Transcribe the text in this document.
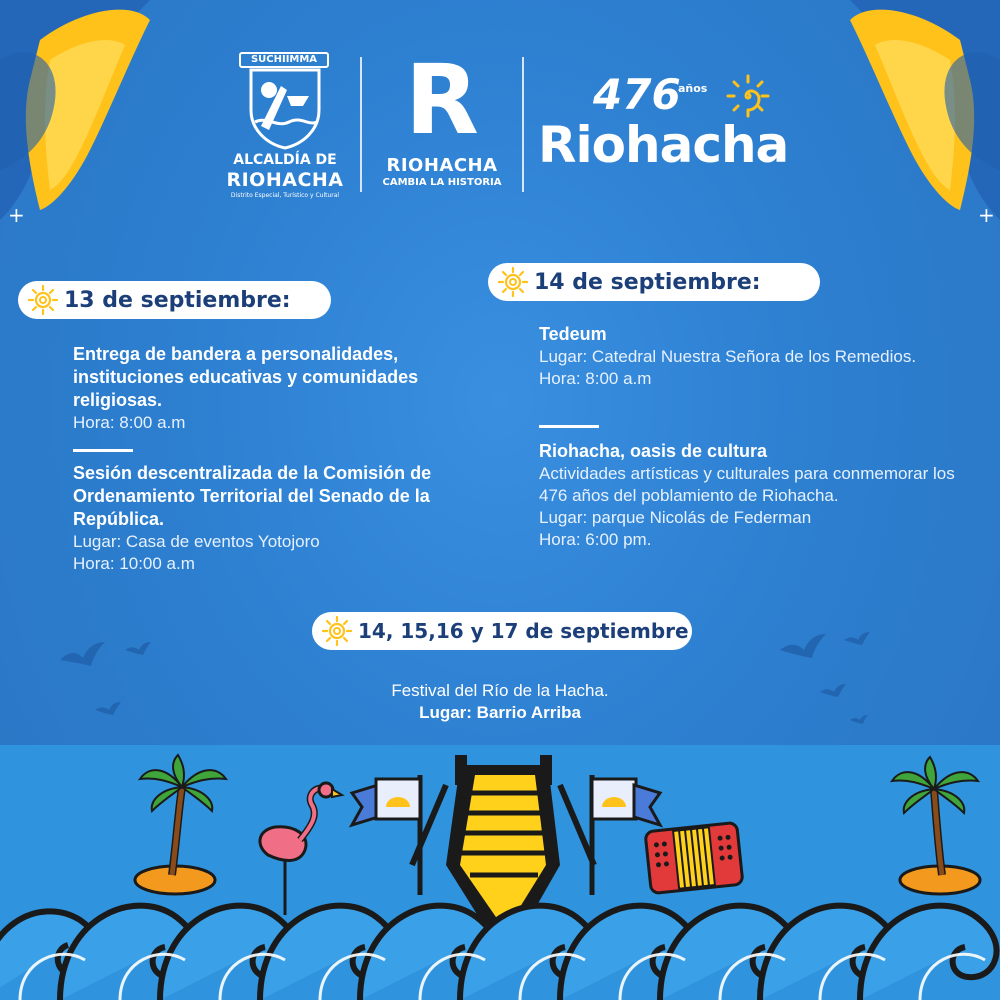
+	+
SÜCHIIMMA
ALCALDÍA DE
RIOHACHA
Distrito Especial, Turístico y Cultural
R
RIOHACHA
CAMBIA LA HISTORIA
476
años
Riohacha
13 de septiembre:
Entrega de bandera a personalidades, instituciones educativas y comunidades religiosas.
Hora: 8:00 a.m
Sesión descentralizada de la Comisión de Ordenamiento Territorial del Senado de la República.
Lugar: Casa de eventos Yotojoro
Hora: 10:00 a.m
14 de septiembre:
Tedeum
Lugar: Catedral Nuestra Señora de los Remedios.
Hora: 8:00 a.m
Riohacha, oasis de cultura
Actividades artísticas y culturales para conmemorar los 476 años del poblamiento de Riohacha.
Lugar: parque Nicolás de Federman
Hora: 6:00 pm.
14, 15,16 y 17 de septiembre
Festival del Río de la Hacha.
Lugar: Barrio Arriba
